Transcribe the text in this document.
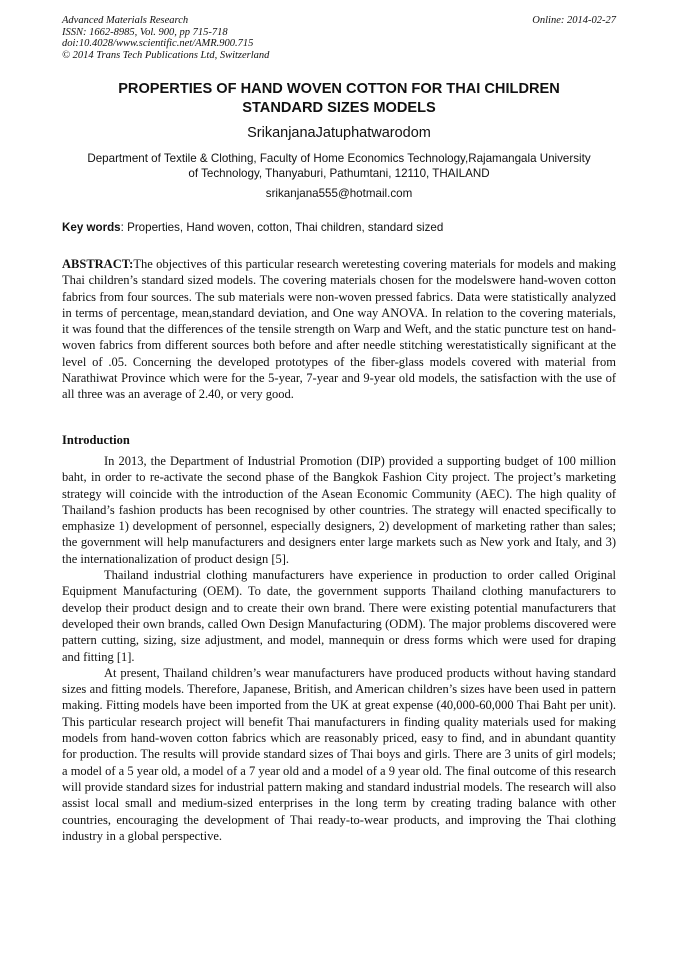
Advanced Materials Research
ISSN: 1662-8985, Vol. 900, pp 715-718
doi:10.4028/www.scientific.net/AMR.900.715
© 2014 Trans Tech Publications Ltd, Switzerland
Online: 2014-02-27
PROPERTIES OF HAND WOVEN COTTON FOR THAI CHILDREN
STANDARD SIZES MODELS
SrikanjanaJatuphatwarodom
Department of Textile & Clothing, Faculty of Home Economics Technology,Rajamangala University
of Technology, Thanyaburi, Pathumtani, 12110, THAILAND
srikanjana555@hotmail.com
Key words: Properties, Hand woven, cotton, Thai children, standard sized

ABSTRACT:The objectives of this particular research weretesting covering materials for models and making Thai children’s standard sized models. The covering materials chosen for the modelswere hand-woven cotton fabrics from four sources. The sub materials were non-woven pressed fabrics. Data were statistically analyzed in terms of percentage, mean,standard deviation, and One way ANOVA. In relation to the covering materials, it was found that the differences of the tensile strength on Warp and Weft, and the static puncture test on hand-woven fabrics from different sources both before and after needle stitching werestatistically significant at the level of .05. Concerning the developed prototypes of the fiber-glass models covered with material from Narathiwat Province which were for the 5-year, 7-year and 9-year old models, the satisfaction with the use of all three was an average of 2.40, or very good.

Introduction

In 2013, the Department of Industrial Promotion (DIP) provided a supporting budget of 100 million baht, in order to re-activate the second phase of the Bangkok Fashion City project. The project’s marketing strategy will coincide with the introduction of the Asean Economic Community (AEC). The high quality of Thailand’s fashion products has been recognised by other countries. The strategy will enacted specifically to emphasize 1) development of personnel, especially designers, 2) development of marketing rather than sales; the government will help manufacturers and designers enter large markets such as New york and Italy, and 3) the internationalization of product design [5].

Thailand industrial clothing manufacturers have experience in production to order called Original Equipment Manufacturing (OEM). To date, the government supports Thailand clothing manufacturers to develop their product design and to create their own brand. There were existing potential manufacturers that developed their own brands, called Own Design Manufacturing (ODM). The major problems discovered were pattern cutting, sizing, size adjustment, and model, mannequin or dress forms which were used for draping and fitting [1].

At present, Thailand children’s wear manufacturers have produced products without having standard sizes and fitting models. Therefore, Japanese, British, and American children’s sizes have been used in pattern making. Fitting models have been imported from the UK at great expense (40,000-60,000 Thai Baht per unit). This particular research project will benefit Thai manufacturers in finding quality materials used for making models from hand-woven cotton fabrics which are reasonably priced, easy to find, and in abundant quantity for production. The results will provide standard sizes of Thai boys and girls. There are 3 units of girl models; a model of a 5 year old, a model of a 7 year old and a model of a 9 year old. The final outcome of this research will provide standard sizes for industrial pattern making and standard industrial models. The research will also assist local small and medium-sized enterprises in the long term by creating trading balance with other countries, encouraging the development of Thai ready-to-wear products, and improving the Thai clothing industry in a global perspective.
